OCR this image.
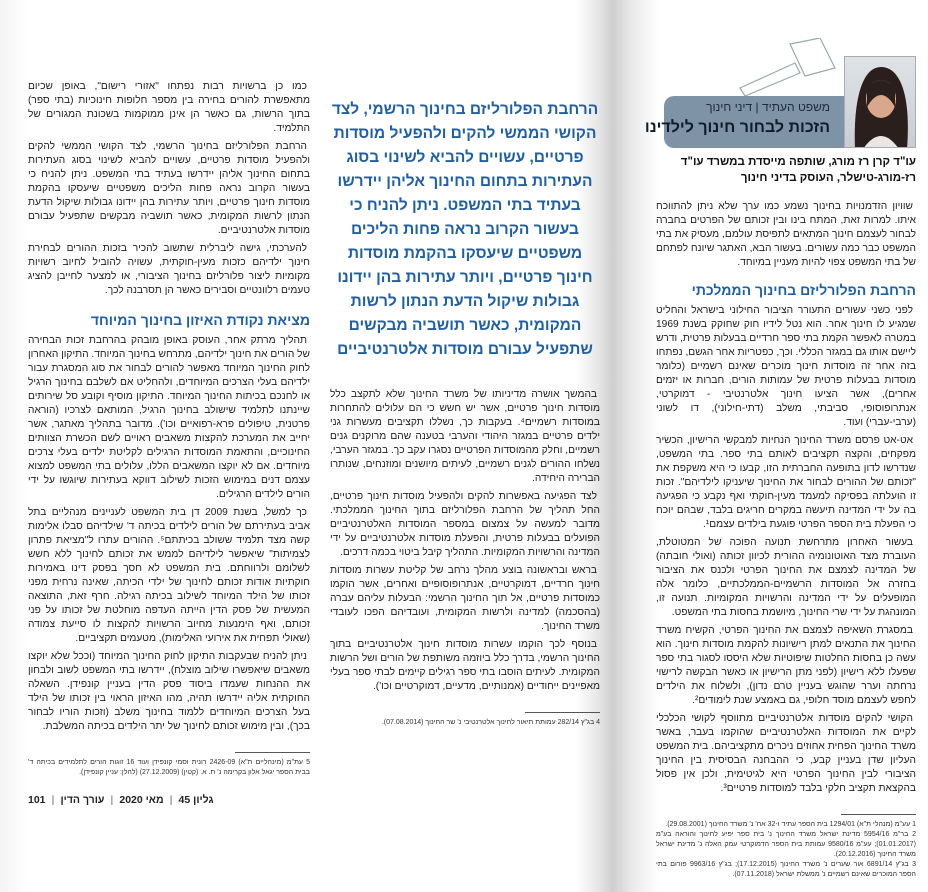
כמו כן ברשויות רבות נפתחו "אזורי רישום", באופן שכיום מתאפשרת להורים בחירה בין מספר חלופות חינוכיות (בתי ספר) בתוך הרשות, גם כאשר הן אינן ממוקמות בשכונת המגורים של התלמיד.

הרחבת הפלורליזם בחינוך הרשמי, לצד הקושי הממשי להקים ולהפעיל מוסדות פרטיים, עשויים להביא לשינוי בסוג העתירות בתחום החינוך אליהן יידרשו בעתיד בתי המשפט. ניתן להניח כי בעשור הקרוב נראה פחות הליכים משפטיים שיעסקו בהקמת מוסדות חינוך פרטיים, ויותר עתירות בהן יידונו גבולות שיקול הדעת הנתון לרשות המקומית, כאשר תושביה מבקשים שתפעיל עבורם מוסדות אלטרנטיביים.

להערכתי, גישה ליברלית שתשוב להכיר בזכות ההורים לבחירת חינוך ילדיהם כזכות מעין-חוקתית, עשויה להוביל לחיוב רשויות מקומיות ליצור פלורליזם בחינוך הציבורי, או למצער לחייבן להציג טעמים רלוונטיים וסבירים כאשר הן תסרבנה לכך.

מציאת נקודת האיזון בחינוך המיוחד

תהליך מרתק אחר, העוסק באופן מובהק בהרחבת זכות הבחירה של הורים את חינוך ילדיהם, מתרחש בחינוך המיוחד. התיקון האחרון לחוק החינוך המיוחד מאפשר להורים לבחור את סוג המסגרת עבור ילדיהם בעלי הצרכים המיוחדים, ולהחליט אם לשלבם בחינוך הרגיל או לחנכם בכיתות החינוך המיוחד. התיקון מוסיף וקובע סל שירותים שיינתנו לתלמיד שישולב בחינוך הרגיל, המותאם לצרכיו (הוראה פרטנית, טיפולים פרא-רפואיים וכו'). מדובר בתהליך מאתגר, אשר יחייב את המערכת להקצות משאבים ראויים לשם הכשרת הצוותים החינוכיים, והתאמת המוסדות הרגילים לקליטת ילדים בעלי צרכים מיוחדים. אם לא יוקצו המשאבים הללו, עלולים בתי המשפט למצוא עצמם דנים במימוש הזכות לשילוב דווקא בעתירות שיוגשו על ידי הורים לילדים הרגילים.

כך למשל, בשנת 2009 דן בית המשפט לעניינים מנהליים בתל אביב בעתירתם של הורים לילדים בכיתה ד' שילדיהם סבלו אלימות קשה מצד תלמיד ששולב בכיתתם⁵. ההורים עתרו ל"מציאת פתרון לצמיתות" שיאפשר לילדיהם לממש את זכותם לחינוך ללא חשש לשלומם ולרווחתם. בית המשפט לא חסך בפסק דינו באמירות חוקתיות אודות זכותם לחינוך של ילדי הכיתה, שאינה נרחית מפני זכותו של הילד המיוחד לשילוב בכיתה רגילה. חרף זאת, התוצאה המעשית של פסק הדין הייתה העדפה מוחלטת של זכותו על פני זכותם, ואף הימנעות מחיוב הרשויות להקצות לו סייעת צמודה (שאולי תפחית את אירועי האלימות), מטעמים תקציביים.

ניתן להניח שבעקבות התיקון לחוק החינוך המיוחד (וככל שלא יוקצו משאבים שיאפשרו שילוב מוצלח), יידרשו בתי המשפט לשוב ולבחון את ההנחות שעמדו ביסוד פסק הדין בעניין קונפידן. השאלה החוקתית אליה יידרשו תהיה, מהו האיזון הראוי בין זכותו של הילד בעל הצרכים המיוחדים ללמוד בחינוך משלב (וזכות הוריו לבחור בכך), ובין מימוש זכותם לחינוך של יתר הילדים בכיתה המשלבת.

5 עת"מ (מינהליים ת"א) 2426-09 רונית וסמי קונפידן ועוד 16 זוגות הורים לתלמידים בכיתה ד' בבית הספר יגאל אלון בקרימה נ' ת. א. (קטין) (27.12.2009) (להלן: עניין קונפידן).
גליון 45|מאי 2020|עורך הדין|101
הרחבת הפלורליזם בחינוך הרשמי, לצד הקושי הממשי להקים ולהפעיל מוסדות פרטיים, עשויים להביא לשינוי בסוג העתירות בתחום החינוך אליהן יידרשו בעתיד בתי המשפט. ניתן להניח כי בעשור הקרוב נראה פחות הליכים משפטיים שיעסקו בהקמת מוסדות חינוך פרטיים, ויותר עתירות בהן יידונו גבולות שיקול הדעת הנתון לרשות המקומית, כאשר תושביה מבקשים שתפעיל עבורם מוסדות אלטרנטיביים

בהמשך אושרה מדיניותו של משרד החינוך שלא לתקצב כלל מוסדות חינוך פרטיים, אשר יש חשש כי הם עלולים להתחרות במוסדות רשמיים⁴. בעקבות כך, נשללו תקציבים מעשרות גני ילדים פרטיים במגזר היהודי והערבי בטענה שהם מרוקנים גנים רשמיים, וחלק מהמוסדות הפרטיים נסגרו עקב כך. במגזר הערבי, נשלחו ההורים לגנים רשמיים, לעיתים מיושנים ומוזנחים, שנותרו הברירה היחידה.

לצד הפגיעה באפשרות להקים ולהפעיל מוסדות חינוך פרטיים, החל תהליך של הרחבת הפלורליזם בתוך החינוך הממלכתי. מדובר למעשה על צמצום במספר המוסדות האלטרנטיביים הפועלים בבעלות פרטית, והפעלת מוסדות אלטרנטיביים על ידי המדינה והרשויות המקומיות. התהליך קיבל ביטוי בכמה דרכים.

בראש ובראשונה בוצע מהלך נרחב של קליטת עשרות מוסדות חינוך חרדיים, דמוקרטיים, אנתרופוסופיים ואחרים, אשר הוקמו כמוסדות פרטיים, אל תוך החינוך הרשמי: הבעלות עליהם עברה (בהסכמה) למדינה ולרשות המקומית, ועובדיהם הפכו לעובדי משרד החינוך.

בנוסף לכך הוקמו עשרות מוסדות חינוך אלטרנטיביים בתוך החינוך הרשמי, בדרך כלל ביוזמה משותפת של הורים ושל הרשות המקומית. לעיתים הוסבו בתי ספר רגילים קיימים לבתי ספר בעלי מאפיינים ייחודיים (אמנותיים, מדעיים, דמוקרטיים וכו').

4 בג"ץ 282/14 עמותת תיאור לחינוך אלטרנטיבי נ' שר החינוך (07.08.2014).
משפט העתיד | דיני חינוך
הזכות לבחור חינוך לילדינו
עו"ד קרן רז מורג, שותפה מייסדת במשרד עו"ד רז-מורג-טישלר, העוסק בדיני חינוך

שוויון הזדמנויות בחינוך נשמע כמו ערך שלא ניתן להתווכח איתו. למרות זאת, המתח בינו ובין זכותם של הפרטים בחברה לבחור לעצמם חינוך המתאים לתפיסת עולמם, מעסיק את בתי המשפט כבר כמה עשורים. בעשור הבא, האתגר שיונח לפתחם של בתי המשפט צפוי להיות מעניין במיוחד.

הרחבת הפלורליזם בחינוך הממלכתי

לפני כשני עשורים התעורר הציבור החילוני בישראל והחליט שמגיע לו חינוך אחר. הוא נטל לידיו חוק שחוקק בשנת 1969 במטרה לאפשר הקמת בתי ספר חרדיים בבעלות פרטית, ודרש ליישם אותו גם במגזר הכללי. וכך, כפטריות אחר הגשם, נפתחו בזה אחר זה מוסדות חינוך מוכרים שאינם רשמיים (כלומר מוסדות בבעלות פרטית של עמותות הורים, חברות או יזמים אחרים), אשר הציעו חינוך אלטרנטיבי - דמוקרטי, אנתרופוסופי, סביבתי, משלב (דתי-חילוני), דו לשוני (ערבי-עברי) ועוד.

אט-אט פרסם משרד החינוך הנחיות למבקשי הרישיון, הכשיר מפקחים, והקצה תקציבים לאותם בתי ספר. בתי המשפט, שנדרשו לדון בתופעה החברתית הזו, קבעו כי היא משקפת את "זכותם של ההורים לבחור את החינוך שיעניקו לילדיהם". זכות זו הועלתה בפסיקה למעמד מעין-חוקתי ואף נקבע כי הפגיעה בה על ידי המדינה תיעשה במקרים חריגים בלבד, שבהם יוכח כי הפעלת בית הספר הפרטי פוגעת בילדים עצמם¹.

בעשור האחרון מתרחשת תנועה הפוכה של המטוטלת, העוברת מצד האוטונומיה ההורית לכיוון זכותה (ואולי חובתה) של המדינה לצמצם את החינוך הפרטי ולכנס את הציבור בחזרה אל המוסדות הרשמיים-הממלכתיים, כלומר אלה המופעלים על ידי המדינה והרשויות המקומיות. תנועה זו, המונהגת על ידי שרי החינוך, מיושמת בחסות בתי המשפט.

במסגרת השאיפה לצמצם את החינוך הפרטי, הקשיח משרד החינוך את התנאים למתן רישיונות להקמת מוסדות חינוך. הוא עשה כן בחסות החלטות שיפוטיות שלא היססו לסגור בתי ספר שפעלו ללא רישיון (לפני מתן הרישיון או כאשר הבקשה לרישוי נרחתה וערר שהוגש בעניין טרם נדון), ולשלוח את הילדים לחפש לעצמם מוסד חלופי, גם באמצע שנת לימודים².

הקושי להקים מוסדות אלטרנטיביים מתווסף לקושי הכלכלי לקיים את המוסדות האלטרנטיביים שהוקמו בעבר, באשר משרד החינוך הפחית אחוזים ניכרים מתקציביהם. בית המשפט העליון שדן בעניין קבע, כי ההבחנה הבסיסית בין החינוך הציבורי לבין החינוך הפרטי היא לגיטימית, ולכן אין פסול בהקצאת תקציב חלקי בלבד למוסדות פרטיים³.

1 עע"מ (מנהלי ת"א) 1294/01 בית הספר עתיד ו-32 אח' נ' משרד החינוך (29.08.2001).
2 בר"מ 5954/16 מדינת ישראל משרד החינוך נ' בית ספר יפיע לחינוך והוראה בע"מ (01.01.2017); עע"מ 9580/16 עמותת בית הספר הדמוקרטי עמק האלה נ' מדינת ישראל משרד החינוך (20.12.2016).
3 בג"ץ 6891/14 אור שערים נ' משרד החינוך (17.12.2015); בג"ץ 9963/16 פורום בתי הספר המוכרים שאינם רשמיים נ' ממשלת ישראל (07.11.2018).
